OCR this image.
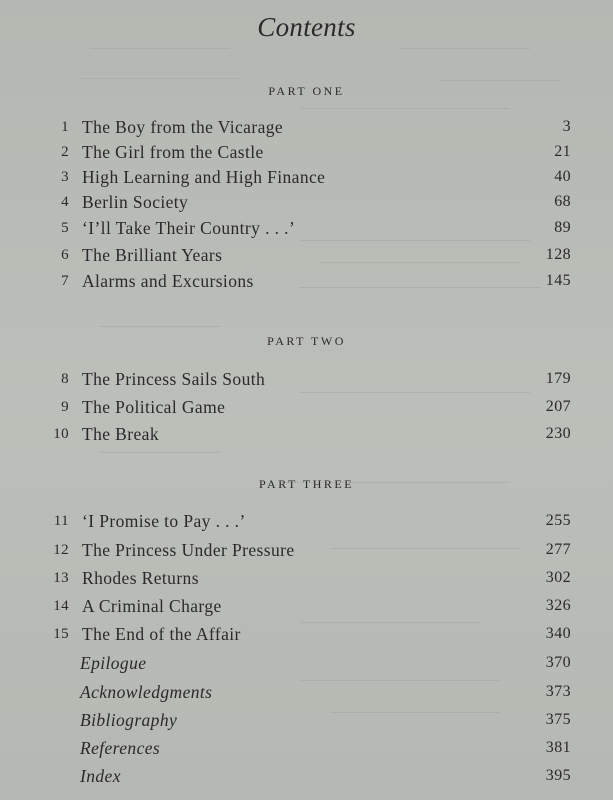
Contents
PART ONE
1 The Boy from the Vicarage	3
2 The Girl from the Castle	21
3 High Learning and High Finance	40
4 Berlin Society	68
5 ‘I’ll Take Their Country . . .’	89
6 The Brilliant Years	128
7 Alarms and Excursions	145
PART TWO
8 The Princess Sails South	179
9 The Political Game	207
10 The Break	230
PART THREE
11 ‘I Promise to Pay . . .’	255
12 The Princess Under Pressure	277
13 Rhodes Returns	302
14 A Criminal Charge	326
15 The End of the Affair	340
Epilogue	370
Acknowledgments	373
Bibliography	375
References	381
Index	395
